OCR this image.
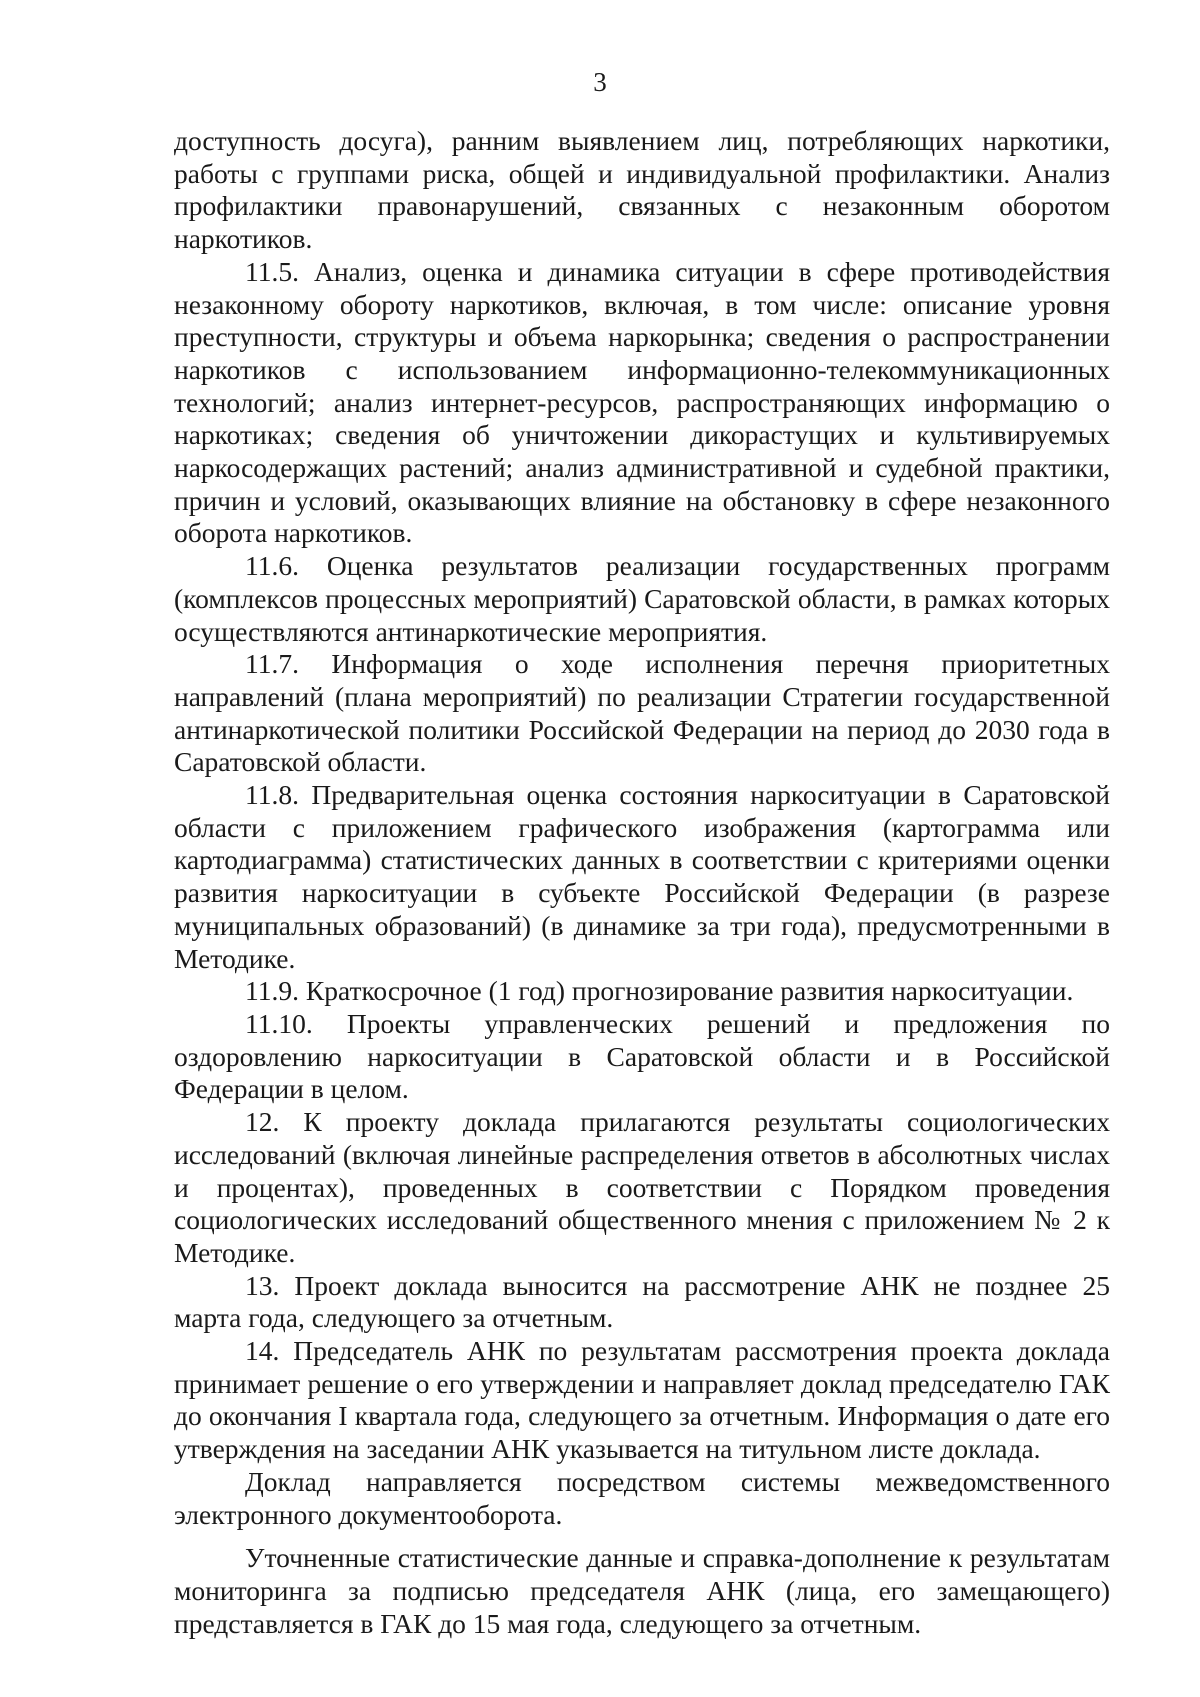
3

доступность досуга), ранним выявлением лиц, потребляющих наркотики, работы с группами риска, общей и индивидуальной профилактики. Анализ профилактики правонарушений, связанных с незаконным оборотом наркотиков.

11.5. Анализ, оценка и динамика ситуации в сфере противодействия незаконному обороту наркотиков, включая, в том числе: описание уровня преступности, структуры и объема наркорынка; сведения о распространении наркотиков с использованием информационно-телекоммуникационных технологий; анализ интернет-ресурсов, распространяющих информацию о наркотиках; сведения об уничтожении дикорастущих и культивируемых наркосодержащих растений; анализ административной и судебной практики, причин и условий, оказывающих влияние на обстановку в сфере незаконного оборота наркотиков.

11.6. Оценка результатов реализации государственных программ (комплексов процессных мероприятий) Саратовской области, в рамках которых осуществляются антинаркотические мероприятия.

11.7. Информация о ходе исполнения перечня приоритетных направлений (плана мероприятий) по реализации Стратегии государственной антинаркотической политики Российской Федерации на период до 2030 года в Саратовской области.

11.8. Предварительная оценка состояния наркоситуации в Саратовской области с приложением графического изображения (картограмма или картодиаграмма) статистических данных в соответствии с критериями оценки развития наркоситуации в субъекте Российской Федерации (в разрезе муниципальных образований) (в динамике за три года), предусмотренными в Методике.

11.9. Краткосрочное (1 год) прогнозирование развития наркоситуации.

11.10. Проекты управленческих решений и предложения по оздоровлению наркоситуации в Саратовской области и в Российской Федерации в целом.

12. К проекту доклада прилагаются результаты социологических исследований (включая линейные распределения ответов в абсолютных числах и процентах), проведенных в соответствии с Порядком проведения социологических исследований общественного мнения с приложением № 2 к Методике.

13. Проект доклада выносится на рассмотрение АНК не позднее 25 марта года, следующего за отчетным.

14. Председатель АНК по результатам рассмотрения проекта доклада принимает решение о его утверждении и направляет доклад председателю ГАК до окончания I квартала года, следующего за отчетным. Информация о дате его утверждения на заседании АНК указывается на титульном листе доклада.

Доклад направляется посредством системы межведомственного электронного документооборота.

Уточненные статистические данные и справка-дополнение к результатам мониторинга за подписью председателя АНК (лица, его замещающего) представляется в ГАК до 15 мая года, следующего за отчетным.
